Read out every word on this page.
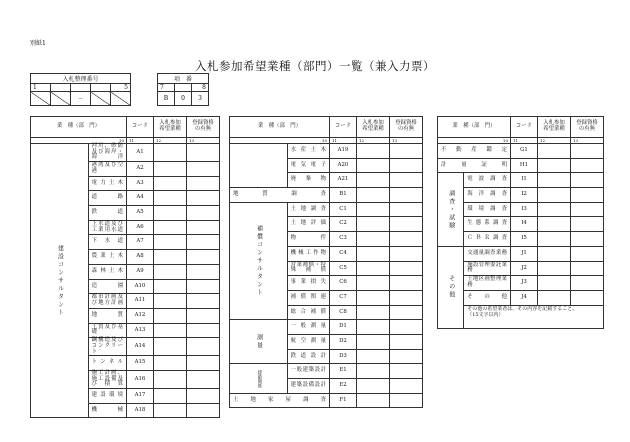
別紙1
入札参加希望業種（部門）一覧（兼入力票）
入札整理番号				
1				5
		－		
項　番		
7		8
B	0	3
業　種（部　門）		コード	入札参加
希望業種	登録資格
の有無
10		11	12	13
建設コンサルタント	河川、砂防及び海岸・海洋	A1		
	港湾及び空港	A2		
	電力土木	A3		
	道路	A4		
	鉄道	A5		
	上水道及び工業用水道	A6		
	下水道	A7		
	農業土木	A8		
	森林土木	A9		
	造園	A10		
	都市計画及び地方計画	A11		
	地質	A12		
	土質及び基礎	A13		
	鋼構造及びコンクリート	A14		
	トンネル	A15		
	施工計画、施工設備及び積算	A16		
	建設環境	A17		
	機械	A18		
業　種（部　門）		コード	入札参加
希望業種	登録資格
の有無
10		11	12	13
	水産土木	A19		
	電気電子	A20		
	廃棄物	A21		
地質調査		B1		
補償コンサルタント	土地調査	C1		
	土地評価	C2		
	物件	C3		
	機械工作物	C4		
	営業補償・特殊補償	C5		
	事業損失	C6		
	補償関連	C7		
	総合補償	C8		
測量	一般測量	D1		
	航空測量	D2		
	鉄道設計	D3		
建築関係	一般建築設計	E1		
	建築設備設計	E2		
土地家屋調査		F1		
業　種（部　門）		コード	入札参加
希望業種	登録資格
の有無
10		11	12	13
不動産鑑定		G1		
計量証明		H1		
調査・試験	電波調査	I1		
	海洋調査	I2		
	環境調査	I3		
	生態系調査	I4		
	ＣＢＲ調査	I5		
その他	交通量調査業務	J1		
	施設管理委託業務	J2		
	土地区画整理業務	J3		
	その他	J4		
	その他の希望業者は、その内容を記載すること。
（15文字以内）			
